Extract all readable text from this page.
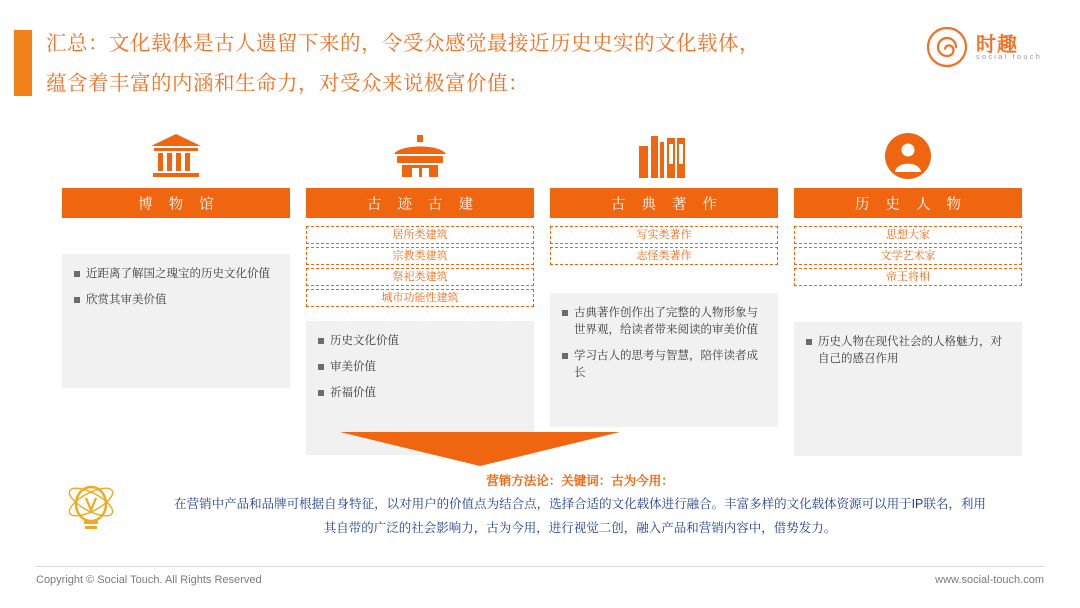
汇总：文化载体是古人遗留下来的，令受众感觉最接近历史史实的文化载体，
蕴含着丰富的内涵和生命力，对受众来说极富价值：
时趣
social touch
博 物 馆
近距离了解国之瑰宝的历史文化价值
欣赏其审美价值
古 迹 古 建
居所类建筑
宗教类建筑
祭祀类建筑
城市功能性建筑
历史文化价值
审美价值
祈福价值
古 典 著 作
写实类著作
志怪类著作
古典著作创作出了完整的人物形象与世界观，给读者带来阅读的审美价值
学习古人的思考与智慧，陪伴读者成长
历 史 人 物
思想大家
文学艺术家
帝王将相
历史人物在现代社会的人格魅力，对自己的感召作用
营销方法论：关键词：古为今用：
在营销中产品和品牌可根据自身特征，以对用户的价值点为结合点，选择合适的文化载体进行融合。丰富多样的文化载体资源可以用于IP联名，利用
其自带的广泛的社会影响力，古为今用，进行视觉二创，融入产品和营销内容中，借势发力。
Copyright © Social Touch. All Rights Reserved	www.social-touch.com
